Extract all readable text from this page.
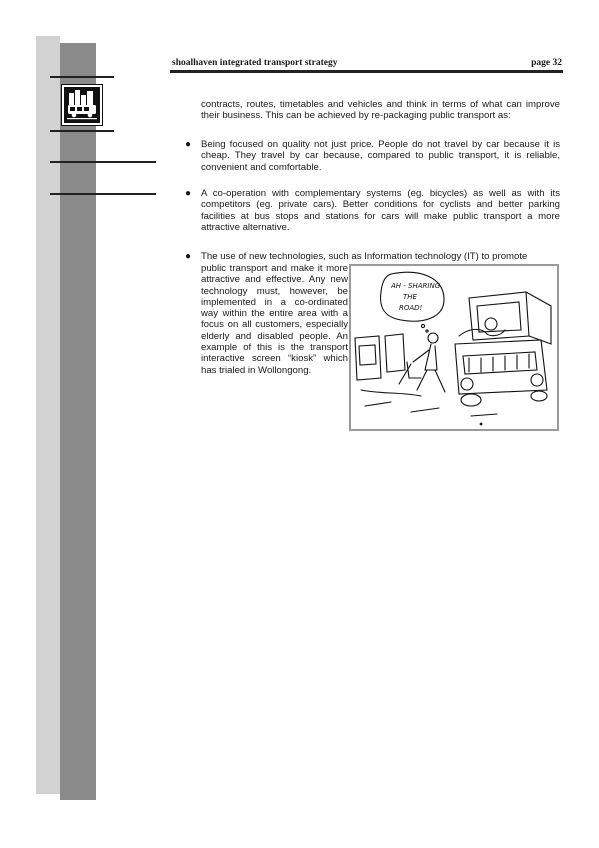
shoalhaven integrated transport strategy	page 32
contracts, routes, timetables and vehicles and think in terms of what can improve their business. This can be achieved by re-packaging public transport as:
● Being focused on quality not just price. People do not travel by car because it is cheap. They travel by car because, compared to public transport, it is reliable, convenient and comfortable.
● A co-operation with complementary systems (eg. bicycles) as well as with its competitors (eg. private cars). Better conditions for cyclists and better parking facilities at bus stops and stations for cars will make public transport a more attractive alternative.
● The use of new technologies, such as Information technology (IT) to promote
public transport and make it more attractive and effective. Any new technology must, however, be implemented in a co-ordinated way within the entire area with a focus on all customers, especially elderly and disabled people. An example of this is the transport interactive screen “kiosk” which has trialed in Wollongong.
AH - SHARING
THE
ROAD!
